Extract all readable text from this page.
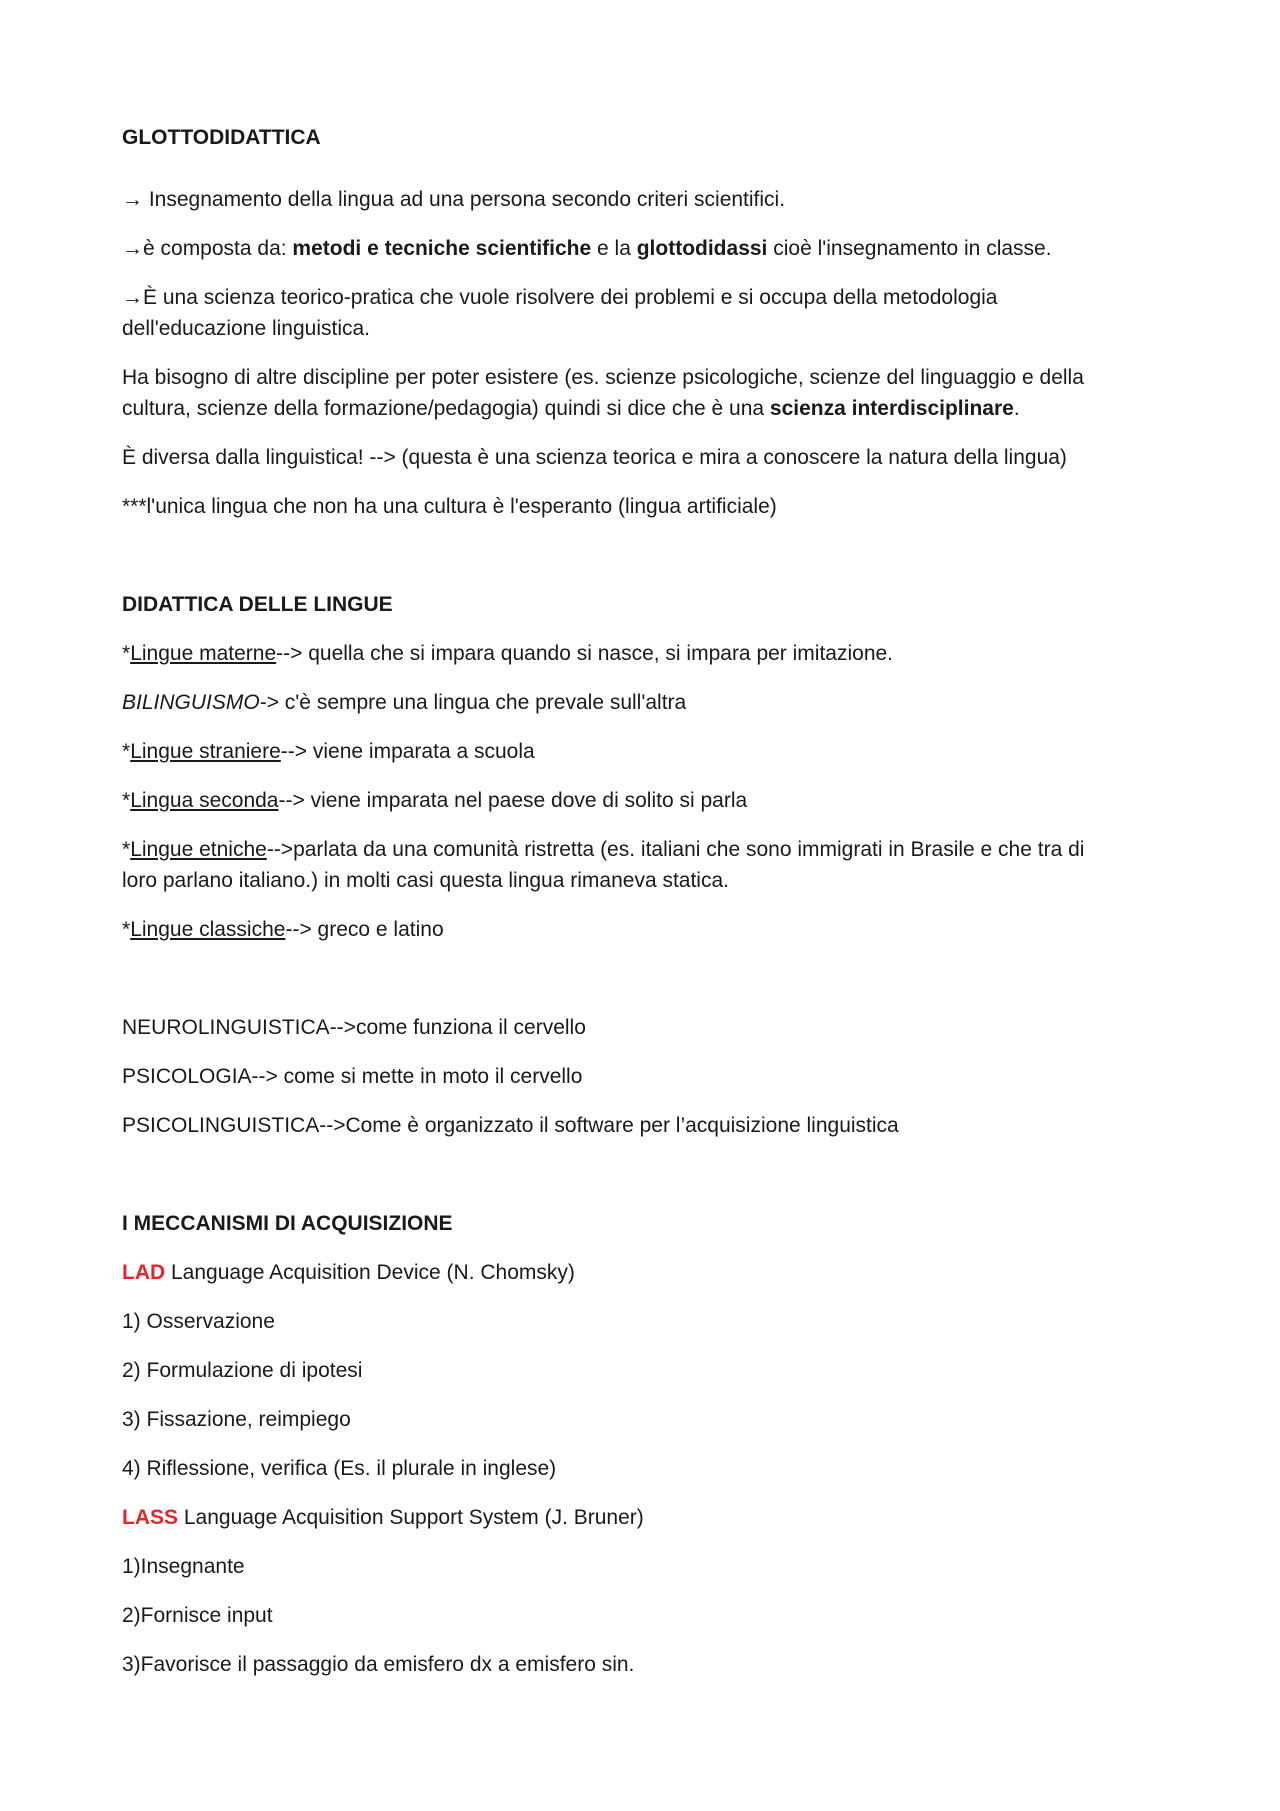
GLOTTODIDATTICA

→ Insegnamento della lingua ad una persona secondo criteri scientifici.

→è composta da: metodi e tecniche scientifiche e la glottodidassi cioè l'insegnamento in classe.

→È una scienza teorico-pratica che vuole risolvere dei problemi e si occupa della metodologia

dell'educazione linguistica.

Ha bisogno di altre discipline per poter esistere (es. scienze psicologiche, scienze del linguaggio e della

cultura, scienze della formazione/pedagogia) quindi si dice che è una scienza interdisciplinare.

È diversa dalla linguistica! --> (questa è una scienza teorica e mira a conoscere la natura della lingua)

***l'unica lingua che non ha una cultura è l'esperanto (lingua artificiale)

DIDATTICA DELLE LINGUE

*Lingue materne--> quella che si impara quando si nasce, si impara per imitazione.

BILINGUISMO-> c'è sempre una lingua che prevale sull'altra

*Lingue straniere--> viene imparata a scuola

*Lingua seconda--> viene imparata nel paese dove di solito si parla

*Lingue etniche-->parlata da una comunità ristretta (es. italiani che sono immigrati in Brasile e che tra di

loro parlano italiano.) in molti casi questa lingua rimaneva statica.

*Lingue classiche--> greco e latino

NEUROLINGUISTICA-->come funziona il cervello

PSICOLOGIA--> come si mette in moto il cervello

PSICOLINGUISTICA-->Come è organizzato il software per l’acquisizione linguistica

I MECCANISMI DI ACQUISIZIONE

LAD Language Acquisition Device (N. Chomsky)

1) Osservazione

2) Formulazione di ipotesi

3) Fissazione, reimpiego

4) Riflessione, verifica (Es. il plurale in inglese)

LASS Language Acquisition Support System (J. Bruner)

1)Insegnante

2)Fornisce input

3)Favorisce il passaggio da emisfero dx a emisfero sin.
